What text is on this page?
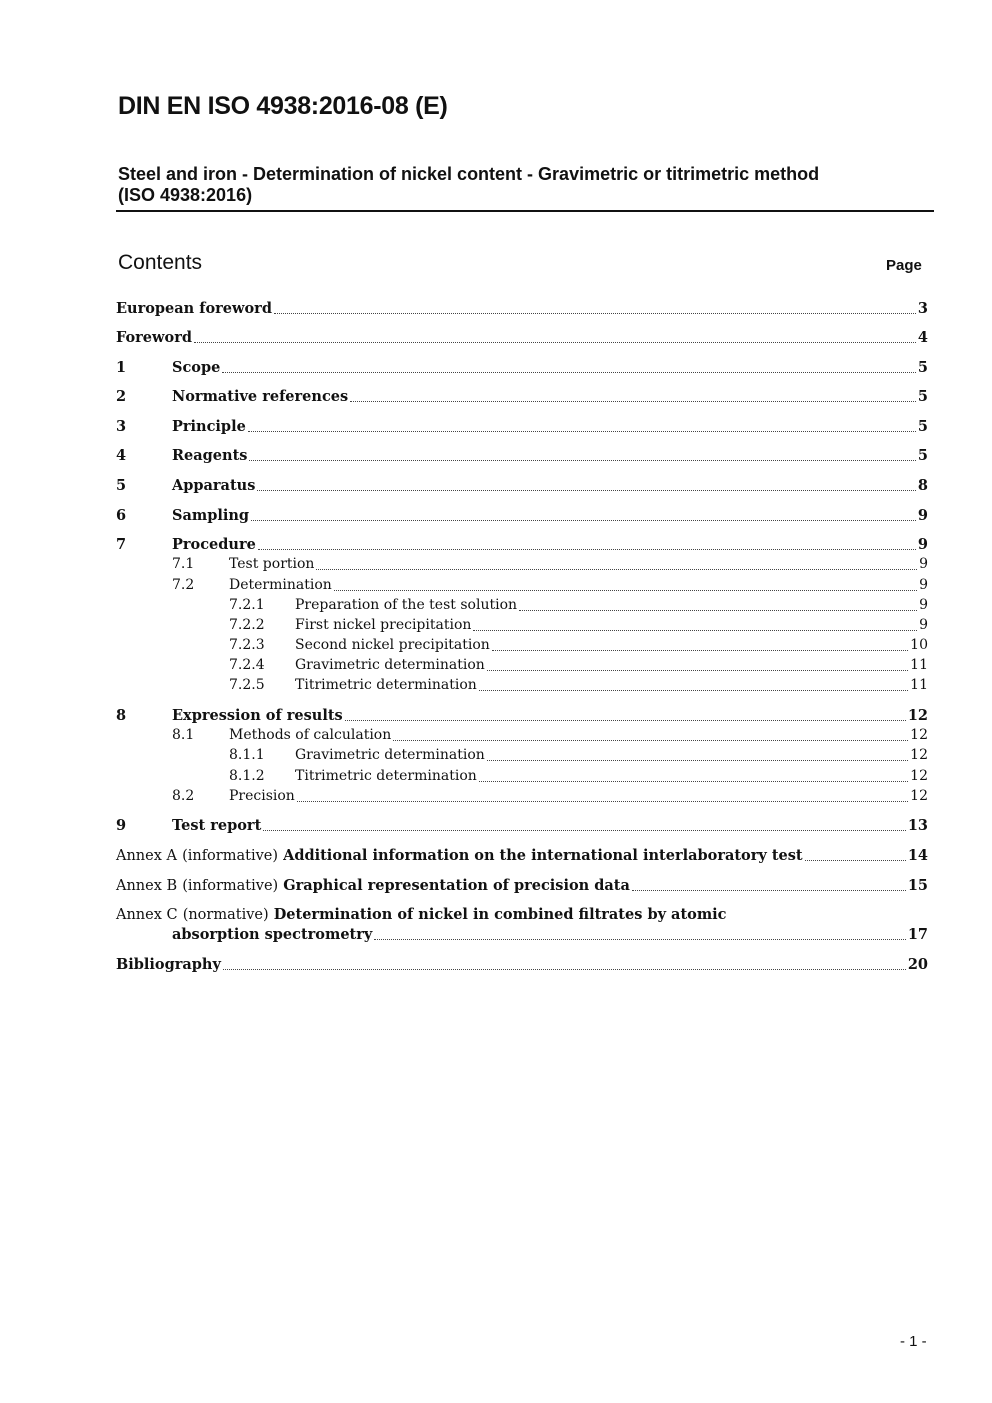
DIN EN ISO 4938:2016-08 (E)
Steel and iron - Determination of nickel content - Gravimetric or titrimetric method
(ISO 4938:2016)
Contents	Page
European foreword	3
Foreword	4
1	Scope	5
2	Normative references	5
3	Principle	5
4	Reagents	5
5	Apparatus	8
6	Sampling	9
7	Procedure	9
7.1	Test portion	9
7.2	Determination	9
7.2.1	Preparation of the test solution	9
7.2.2	First nickel precipitation	9
7.2.3	Second nickel precipitation	10
7.2.4	Gravimetric determination	11
7.2.5	Titrimetric determination	11
8	Expression of results	12
8.1	Methods of calculation	12
8.1.1	Gravimetric determination	12
8.1.2	Titrimetric determination	12
8.2	Precision	12
9	Test report	13
Annex A (informative) Additional information on the international interlaboratory test	14
Annex B (informative) Graphical representation of precision data	15
Annex C (normative) Determination of nickel in combined filtrates by atomic
absorption spectrometry	17
Bibliography	20
- 1 -
